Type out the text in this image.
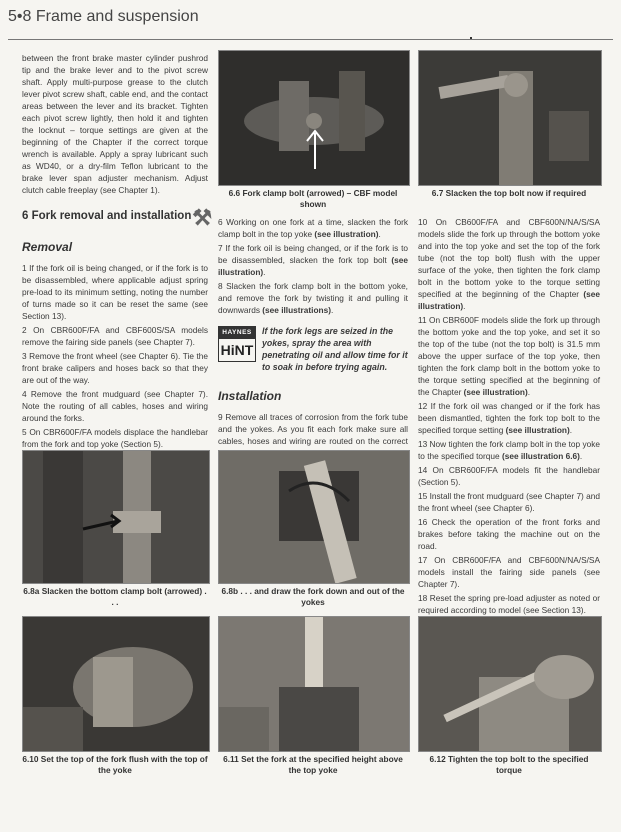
5•8 Frame and suspension

between the front brake master cylinder pushrod tip and the brake lever and to the pivot screw shaft. Apply multi-purpose grease to the clutch lever pivot screw shaft, cable end, and the contact areas between the lever and its bracket. Tighten each pivot screw lightly, then hold it and tighten the locknut – torque settings are given at the beginning of the Chapter if the correct torque wrench is available. Apply a spray lubricant such as WD40, or a dry-film Teflon lubricant to the brake lever span adjuster mechanism. Adjust clutch cable freeplay (see Chapter 1).

6 Fork removal and installation ⚒
Removal

1 If the fork oil is being changed, or if the fork is to be disassembled, where applicable adjust spring pre-load to its minimum setting, noting the number of turns made so it can be reset the same (see Section 13).

2 On CBR600F/FA and CBF600S/SA models remove the fairing side panels (see Chapter 7).

3 Remove the front wheel (see Chapter 6). Tie the front brake calipers and hoses back so that they are out of the way.

4 Remove the front mudguard (see Chapter 7). Note the routing of all cables, hoses and wiring around the forks.

5 On CBR600F/FA models displace the handlebar from the fork and top yoke (Section 5).

6 Working on one fork at a time, slacken the fork clamp bolt in the top yoke (see illustration).

7 If the fork oil is being changed, or if the fork is to be disassembled, slacken the fork top bolt (see illustration).

8 Slacken the fork clamp bolt in the bottom yoke, and remove the fork by twisting it and pulling it downwards (see illustrations).

HAYNES
HiNT
If the fork legs are seized in the yokes, spray the area with penetrating oil and allow time for it to soak in before trying again.
Installation

9 Remove all traces of corrosion from the fork tube and the yokes. As you fit each fork make sure all cables, hoses and wiring are routed on the correct

10 On CB600F/FA and CBF600N/NA/S/SA models slide the fork up through the bottom yoke and into the top yoke and set the top of the fork tube (not the top bolt) flush with the upper surface of the yoke, then tighten the fork clamp bolt in the bottom yoke to the torque setting specified at the beginning of the Chapter (see illustration).

11 On CBR600F models slide the fork up through the bottom yoke and the top yoke, and set it so the top of the tube (not the top bolt) is 31.5 mm above the upper surface of the top yoke, then tighten the fork clamp bolt in the bottom yoke to the torque setting specified at the beginning of the Chapter (see illustration).

12 If the fork oil was changed or if the fork has been dismantled, tighten the fork top bolt to the specified torque setting (see illustration).

13 Now tighten the fork clamp bolt in the top yoke to the specified torque (see illustration 6.6).

14 On CBR600F/FA models fit the handlebar (Section 5).

15 Install the front mudguard (see Chapter 7) and the front wheel (see Chapter 6).

16 Check the operation of the front forks and brakes before taking the machine out on the road.

17 On CBR600F/FA and CBF600N/NA/S/SA models install the fairing side panels (see Chapter 7).

18 Reset the spring pre-load adjuster as noted or required according to model (see Section 13).

6.6 Fork clamp bolt (arrowed) – CBF model shown
6.7 Slacken the top bolt now if required
6.8a Slacken the bottom clamp bolt (arrowed) . . .
6.8b . . . and draw the fork down and out of the yokes
6.10 Set the top of the fork flush with the top of the yoke
6.11 Set the fork at the specified height above the top yoke
6.12 Tighten the top bolt to the specified torque
